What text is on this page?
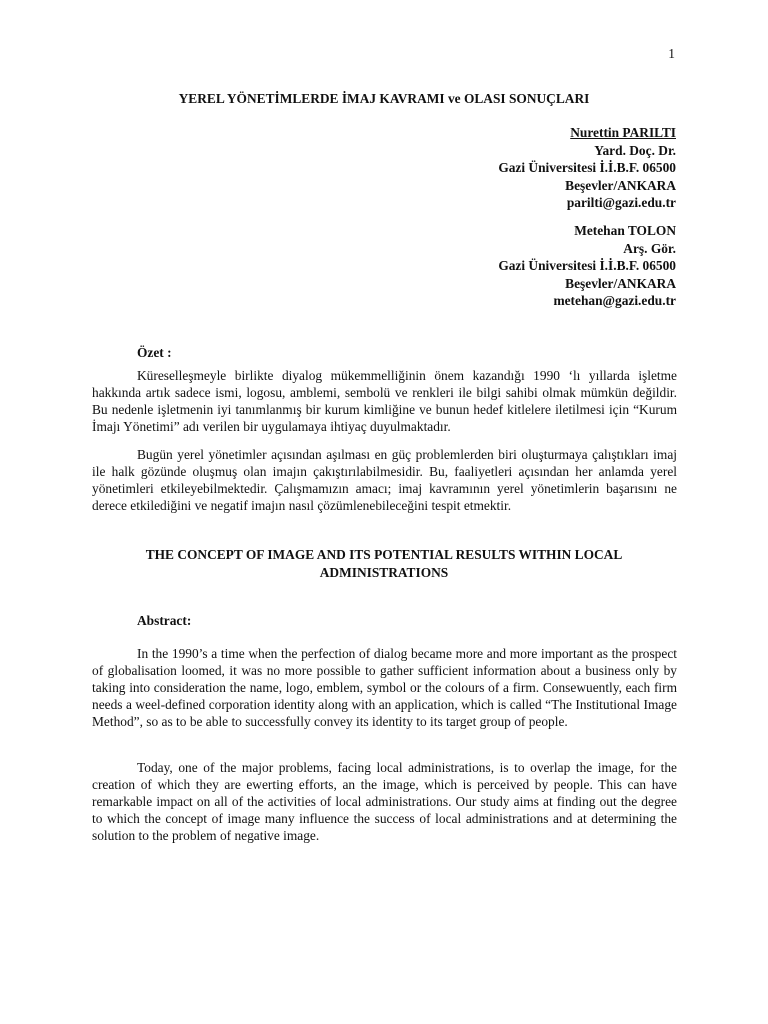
1
YEREL YÖNETİMLERDE İMAJ KAVRAMI ve OLASI SONUÇLARI
Nurettin PARILTI
Yard. Doç. Dr.
Gazi Üniversitesi İ.İ.B.F. 06500
Beşevler/ANKARA
parilti@gazi.edu.tr
Metehan TOLON
Arş. Gör.
Gazi Üniversitesi İ.İ.B.F. 06500
Beşevler/ANKARA
metehan@gazi.edu.tr
Özet :

Küreselleşmeyle birlikte diyalog mükemmelliğinin önem kazandığı 1990 ‘lı yıllarda işletme hakkında artık sadece ismi, logosu, amblemi, sembolü ve renkleri ile bilgi sahibi olmak mümkün değildir. Bu nedenle işletmenin iyi tanımlanmış bir kurum kimliğine ve bunun hedef kitlelere iletilmesi için “Kurum İmajı Yönetimi” adı verilen bir uygulamaya ihtiyaç duyulmaktadır.

Bugün yerel yönetimler açısından aşılması en güç problemlerden biri oluşturmaya çalıştıkları imaj ile halk gözünde oluşmuş olan imajın çakıştırılabilmesidir. Bu, faaliyetleri açısından her anlamda yerel yönetimleri etkileyebilmektedir. Çalışmamızın amacı; imaj kavramının yerel yönetimlerin başarısını ne derece etkilediğini ve negatif imajın nasıl çözümlenebileceğini tespit etmektir.

THE CONCEPT OF IMAGE AND ITS POTENTIAL RESULTS WITHIN LOCAL
ADMINISTRATIONS
Abstract:

In the 1990’s a time when the perfection of dialog became more and more important as the prospect of globalisation loomed, it was no more possible to gather sufficient information about a business only by taking into consideration the name, logo, emblem, symbol or the colours of a firm. Consewuently, each firm needs a weel-defined corporation identity along with an application, which is called “The Institutional Image Method”, so as to be able to successfully convey its identity to its target group of people.

Today, one of the major problems, facing local administrations, is to overlap the image, for the creation of which they are ewerting efforts, an the image, which is perceived by people. This can have remarkable impact on all of the activities of local administrations. Our study aims at finding out the degree to which the concept of image many influence the success of local administrations and at determining the solution to the problem of negative image.
